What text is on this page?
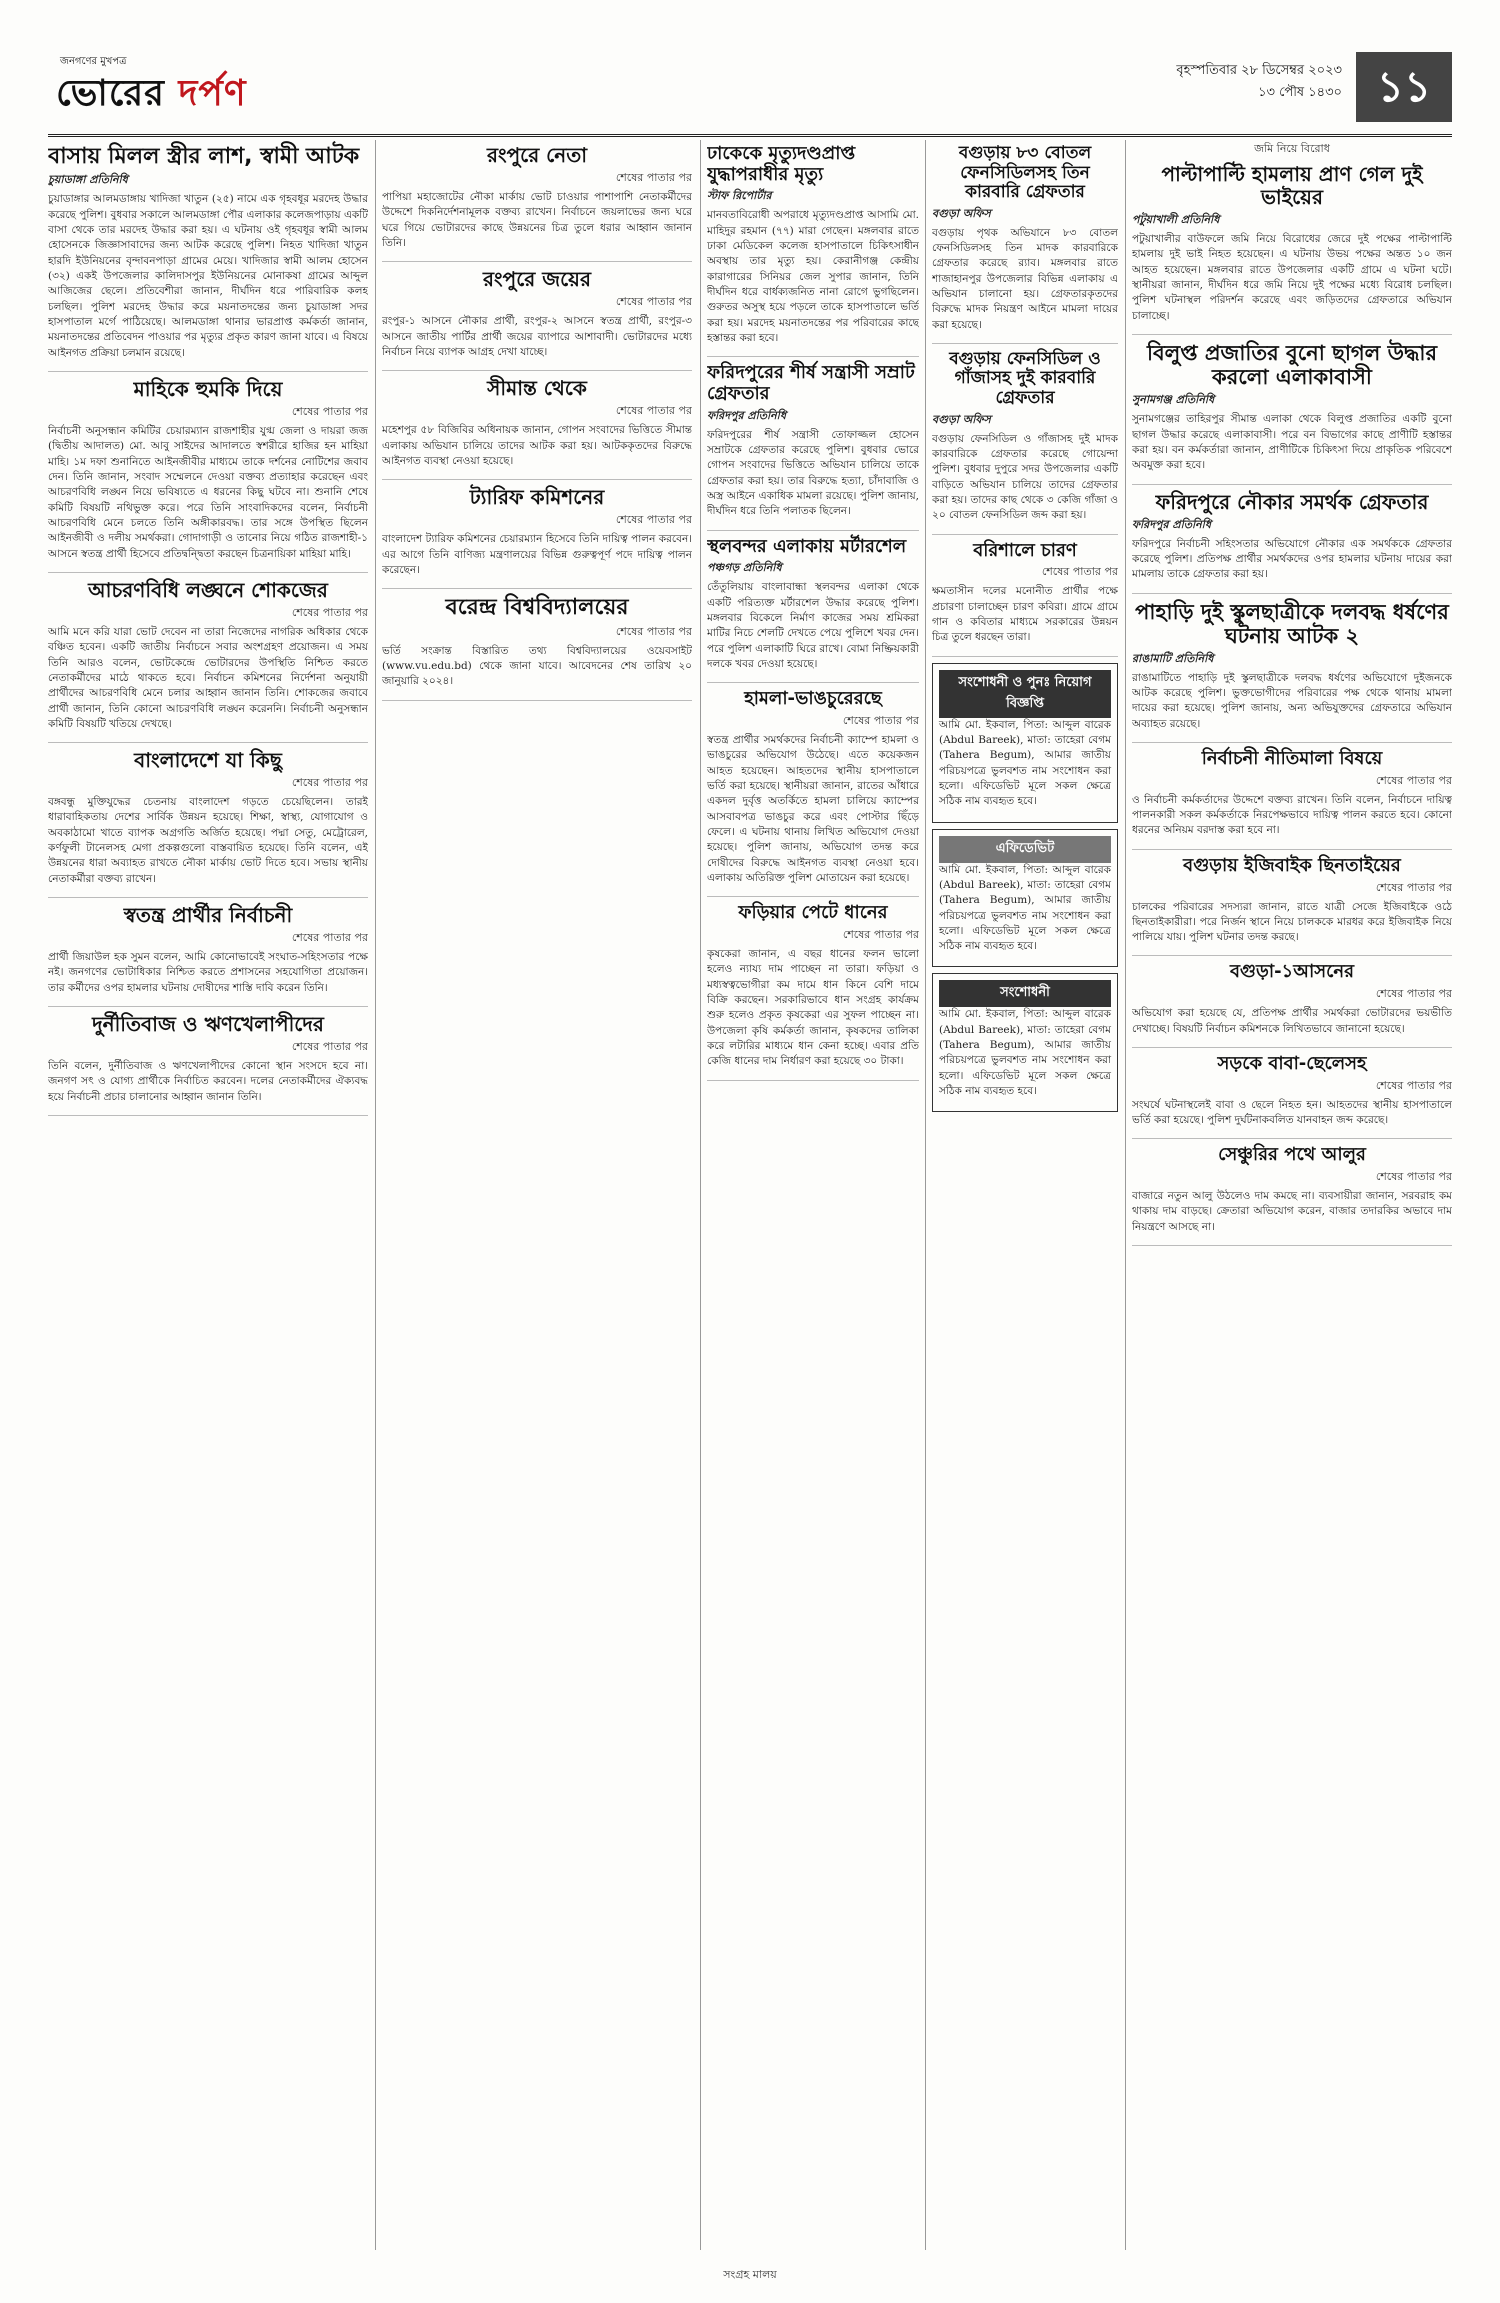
জনগণের মুখপত্র
ভোরের দর্পণ
বৃহস্পতিবার ২৮ ডিসেম্বর ২০২৩
১৩ পৌষ ১৪৩০ ১১
বাসায় মিলল স্ত্রীর লাশ, স্বামী আটক
চুয়াডাঙ্গা প্রতিনিধি

চুয়াডাঙ্গার আলমডাঙ্গায় খাদিজা খাতুন (২৫) নামে এক গৃহবধূর মরদেহ উদ্ধার করেছে পুলিশ। বুধবার সকালে আলমডাঙ্গা পৌর এলাকার কলেজপাড়ায় একটি বাসা থেকে তার মরদেহ উদ্ধার করা হয়। এ ঘটনায় ওই গৃহবধূর স্বামী আলম হোসেনকে জিজ্ঞাসাবাদের জন্য আটক করেছে পুলিশ। নিহত খাদিজা খাতুন হারদি ইউনিয়নের বৃন্দাবনপাড়া গ্রামের মেয়ে। খাদিজার স্বামী আলম হোসেন (৩২) একই উপজেলার কালিদাসপুর ইউনিয়নের মোনাকষা গ্রামের আব্দুল আজিজের ছেলে। প্রতিবেশীরা জানান, দীর্ঘদিন ধরে পারিবারিক কলহ চলছিল। পুলিশ মরদেহ উদ্ধার করে ময়নাতদন্তের জন্য চুয়াডাঙ্গা সদর হাসপাতাল মর্গে পাঠিয়েছে। আলমডাঙ্গা থানার ভারপ্রাপ্ত কর্মকর্তা জানান, ময়নাতদন্তের প্রতিবেদন পাওয়ার পর মৃত্যুর প্রকৃত কারণ জানা যাবে। এ বিষয়ে আইনগত প্রক্রিয়া চলমান রয়েছে।

মাহিকে হুমকি দিয়ে
শেষের পাতার পর

নির্বাচনী অনুসন্ধান কমিটির চেয়ারম্যান রাজশাহীর যুগ্ম জেলা ও দায়রা জজ (দ্বিতীয় আদালত) মো. আবু সাইদের আদালতে স্বশরীরে হাজির হন মাহিয়া মাহি। ১ম দফা শুনানিতে আইনজীবীর মাধ্যমে তাকে দর্শনের নোটিশের জবাব দেন। তিনি জানান, সংবাদ সম্মেলনে দেওয়া বক্তব্য প্রত্যাহার করেছেন এবং আচরণবিধি লঙ্ঘন নিয়ে ভবিষ্যতে এ ধরনের কিছু ঘটবে না। শুনানি শেষে কমিটি বিষয়টি নথিভুক্ত করে। পরে তিনি সাংবাদিকদের বলেন, নির্বাচনী আচরণবিধি মেনে চলতে তিনি অঙ্গীকারবদ্ধ। তার সঙ্গে উপস্থিত ছিলেন আইনজীবী ও দলীয় সমর্থকরা। গোদাগাড়ী ও তানোর নিয়ে গঠিত রাজশাহী-১ আসনে স্বতন্ত্র প্রার্থী হিসেবে প্রতিদ্বন্দ্বিতা করছেন চিত্রনায়িকা মাহিয়া মাহি।

আচরণবিধি লঙ্ঘনে শোকজের
শেষের পাতার পর

আমি মনে করি যারা ভোট দেবেন না তারা নিজেদের নাগরিক অধিকার থেকে বঞ্চিত হবেন। একটি জাতীয় নির্বাচনে সবার অংশগ্রহণ প্রয়োজন। এ সময় তিনি আরও বলেন, ভোটকেন্দ্রে ভোটারদের উপস্থিতি নিশ্চিত করতে নেতাকর্মীদের মাঠে থাকতে হবে। নির্বাচন কমিশনের নির্দেশনা অনুযায়ী প্রার্থীদের আচরণবিধি মেনে চলার আহ্বান জানান তিনি। শোকজের জবাবে প্রার্থী জানান, তিনি কোনো আচরণবিধি লঙ্ঘন করেননি। নির্বাচনী অনুসন্ধান কমিটি বিষয়টি খতিয়ে দেখছে।

বাংলাদেশে যা কিছু
শেষের পাতার পর

বঙ্গবন্ধু মুক্তিযুদ্ধের চেতনায় বাংলাদেশ গড়তে চেয়েছিলেন। তারই ধারাবাহিকতায় দেশের সার্বিক উন্নয়ন হয়েছে। শিক্ষা, স্বাস্থ্য, যোগাযোগ ও অবকাঠামো খাতে ব্যাপক অগ্রগতি অর্জিত হয়েছে। পদ্মা সেতু, মেট্রোরেল, কর্ণফুলী টানেলসহ মেগা প্রকল্পগুলো বাস্তবায়িত হয়েছে। তিনি বলেন, এই উন্নয়নের ধারা অব্যাহত রাখতে নৌকা মার্কায় ভোট দিতে হবে। সভায় স্থানীয় নেতাকর্মীরা বক্তব্য রাখেন।

স্বতন্ত্র প্রার্থীর নির্বাচনী
শেষের পাতার পর

প্রার্থী জিয়াউল হক সুমন বলেন, আমি কোনোভাবেই সংঘাত-সহিংসতার পক্ষে নই। জনগণের ভোটাধিকার নিশ্চিত করতে প্রশাসনের সহযোগিতা প্রয়োজন। তার কর্মীদের ওপর হামলার ঘটনায় দোষীদের শাস্তি দাবি করেন তিনি।

দুর্নীতিবাজ ও ঋণখেলাপীদের
শেষের পাতার পর

তিনি বলেন, দুর্নীতিবাজ ও ঋণখেলাপীদের কোনো স্থান সংসদে হবে না। জনগণ সৎ ও যোগ্য প্রার্থীকে নির্বাচিত করবেন। দলের নেতাকর্মীদের ঐক্যবদ্ধ হয়ে নির্বাচনী প্রচার চালানোর আহ্বান জানান তিনি।

রংপুরে নেতা
শেষের পাতার পর

পাপিয়া মহাজোটের নৌকা মার্কায় ভোট চাওয়ার পাশাপাশি নেতাকর্মীদের উদ্দেশে দিকনির্দেশনামূলক বক্তব্য রাখেন। নির্বাচনে জয়লাভের জন্য ঘরে ঘরে গিয়ে ভোটারদের কাছে উন্নয়নের চিত্র তুলে ধরার আহ্বান জানান তিনি।

রংপুরে জয়ের
শেষের পাতার পর

রংপুর-১ আসনে নৌকার প্রার্থী, রংপুর-২ আসনে স্বতন্ত্র প্রার্থী, রংপুর-৩ আসনে জাতীয় পার্টির প্রার্থী জয়ের ব্যাপারে আশাবাদী। ভোটারদের মধ্যে নির্বাচন নিয়ে ব্যাপক আগ্রহ দেখা যাচ্ছে।

সীমান্ত থেকে
শেষের পাতার পর

মহেশপুর ৫৮ বিজিবির অধিনায়ক জানান, গোপন সংবাদের ভিত্তিতে সীমান্ত এলাকায় অভিযান চালিয়ে তাদের আটক করা হয়। আটককৃতদের বিরুদ্ধে আইনগত ব্যবস্থা নেওয়া হয়েছে।

ট্যারিফ কমিশনের
শেষের পাতার পর

বাংলাদেশ ট্যারিফ কমিশনের চেয়ারম্যান হিসেবে তিনি দায়িত্ব পালন করবেন। এর আগে তিনি বাণিজ্য মন্ত্রণালয়ের বিভিন্ন গুরুত্বপূর্ণ পদে দায়িত্ব পালন করেছেন।

বরেন্দ্র বিশ্ববিদ্যালয়ের
শেষের পাতার পর

ভর্তি সংক্রান্ত বিস্তারিত তথ্য বিশ্ববিদ্যালয়ের ওয়েবসাইট (www.vu.edu.bd) থেকে জানা যাবে। আবেদনের শেষ তারিখ ২০ জানুয়ারি ২০২৪।

ঢাকেকে মৃত্যুদণ্ডপ্রাপ্ত যুদ্ধাপরাধীর মৃত্যু
স্টাফ রিপোর্টার

মানবতাবিরোধী অপরাধে মৃত্যুদণ্ডপ্রাপ্ত আসামি মো. মাহিদুর রহমান (৭৭) মারা গেছেন। মঙ্গলবার রাতে ঢাকা মেডিকেল কলেজ হাসপাতালে চিকিৎসাধীন অবস্থায় তার মৃত্যু হয়। কেরানীগঞ্জ কেন্দ্রীয় কারাগারের সিনিয়র জেল সুপার জানান, তিনি দীর্ঘদিন ধরে বার্ধক্যজনিত নানা রোগে ভুগছিলেন। গুরুতর অসুস্থ হয়ে পড়লে তাকে হাসপাতালে ভর্তি করা হয়। মরদেহ ময়নাতদন্তের পর পরিবারের কাছে হস্তান্তর করা হবে।

ফরিদপুরের শীর্ষ সন্ত্রাসী সম্রাট গ্রেফতার
ফরিদপুর প্রতিনিধি

ফরিদপুরের শীর্ষ সন্ত্রাসী তোফাজ্জল হোসেন সম্রাটকে গ্রেফতার করেছে পুলিশ। বুধবার ভোরে গোপন সংবাদের ভিত্তিতে অভিযান চালিয়ে তাকে গ্রেফতার করা হয়। তার বিরুদ্ধে হত্যা, চাঁদাবাজি ও অস্ত্র আইনে একাধিক মামলা রয়েছে। পুলিশ জানায়, দীর্ঘদিন ধরে তিনি পলাতক ছিলেন।

স্থলবন্দর এলাকায় মর্টারশেল
পঞ্চগড় প্রতিনিধি

তেঁতুলিয়ায় বাংলাবান্ধা স্থলবন্দর এলাকা থেকে একটি পরিত্যক্ত মর্টারশেল উদ্ধার করেছে পুলিশ। মঙ্গলবার বিকেলে নির্মাণ কাজের সময় শ্রমিকরা মাটির নিচে শেলটি দেখতে পেয়ে পুলিশে খবর দেন। পরে পুলিশ এলাকাটি ঘিরে রাখে। বোমা নিষ্ক্রিয়কারী দলকে খবর দেওয়া হয়েছে।

হামলা-ভাঙচুরেরছে
শেষের পাতার পর

স্বতন্ত্র প্রার্থীর সমর্থকদের নির্বাচনী ক্যাম্পে হামলা ও ভাঙচুরের অভিযোগ উঠেছে। এতে কয়েকজন আহত হয়েছেন। আহতদের স্থানীয় হাসপাতালে ভর্তি করা হয়েছে। স্থানীয়রা জানান, রাতের আঁধারে একদল দুর্বৃত্ত অতর্কিতে হামলা চালিয়ে ক্যাম্পের আসবাবপত্র ভাঙচুর করে এবং পোস্টার ছিঁড়ে ফেলে। এ ঘটনায় থানায় লিখিত অভিযোগ দেওয়া হয়েছে। পুলিশ জানায়, অভিযোগ তদন্ত করে দোষীদের বিরুদ্ধে আইনগত ব্যবস্থা নেওয়া হবে। এলাকায় অতিরিক্ত পুলিশ মোতায়েন করা হয়েছে।

ফড়িয়ার পেটে ধানের
শেষের পাতার পর

কৃষকেরা জানান, এ বছর ধানের ফলন ভালো হলেও ন্যায্য দাম পাচ্ছেন না তারা। ফড়িয়া ও মধ্যস্বত্বভোগীরা কম দামে ধান কিনে বেশি দামে বিক্রি করছেন। সরকারিভাবে ধান সংগ্রহ কার্যক্রম শুরু হলেও প্রকৃত কৃষকেরা এর সুফল পাচ্ছেন না। উপজেলা কৃষি কর্মকর্তা জানান, কৃষকদের তালিকা করে লটারির মাধ্যমে ধান কেনা হচ্ছে। এবার প্রতি কেজি ধানের দাম নির্ধারণ করা হয়েছে ৩০ টাকা।

বগুড়ায় ৮৩ বোতল ফেনসিডিলসহ তিন কারবারি গ্রেফতার
বগুড়া অফিস

বগুড়ায় পৃথক অভিযানে ৮৩ বোতল ফেনসিডিলসহ তিন মাদক কারবারিকে গ্রেফতার করেছে র‍্যাব। মঙ্গলবার রাতে শাজাহানপুর উপজেলার বিভিন্ন এলাকায় এ অভিযান চালানো হয়। গ্রেফতারকৃতদের বিরুদ্ধে মাদক নিয়ন্ত্রণ আইনে মামলা দায়ের করা হয়েছে।

বগুড়ায় ফেনসিডিল ও গাঁজাসহ দুই কারবারি গ্রেফতার
বগুড়া অফিস

বগুড়ায় ফেনসিডিল ও গাঁজাসহ দুই মাদক কারবারিকে গ্রেফতার করেছে গোয়েন্দা পুলিশ। বুধবার দুপুরে সদর উপজেলার একটি বাড়িতে অভিযান চালিয়ে তাদের গ্রেফতার করা হয়। তাদের কাছ থেকে ৩ কেজি গাঁজা ও ২০ বোতল ফেনসিডিল জব্দ করা হয়।

বরিশালে চারণ
শেষের পাতার পর

ক্ষমতাসীন দলের মনোনীত প্রার্থীর পক্ষে প্রচারণা চালাচ্ছেন চারণ কবিরা। গ্রামে গ্রামে গান ও কবিতার মাধ্যমে সরকারের উন্নয়ন চিত্র তুলে ধরছেন তারা।

সংশোধনী ও পুনঃ নিয়োগ বিজ্ঞপ্তি

আমি মো. ইকবাল, পিতা: আব্দুল বারেক (Abdul Bareek), মাতা: তাহেরা বেগম (Tahera Begum), আমার জাতীয় পরিচয়পত্রে ভুলবশত নাম সংশোধন করা হলো। এফিডেভিট মূলে সকল ক্ষেত্রে সঠিক নাম ব্যবহৃত হবে।

এফিডেভিট

আমি মো. ইকবাল, পিতা: আব্দুল বারেক (Abdul Bareek), মাতা: তাহেরা বেগম (Tahera Begum), আমার জাতীয় পরিচয়পত্রে ভুলবশত নাম সংশোধন করা হলো। এফিডেভিট মূলে সকল ক্ষেত্রে সঠিক নাম ব্যবহৃত হবে।

সংশোধনী

আমি মো. ইকবাল, পিতা: আব্দুল বারেক (Abdul Bareek), মাতা: তাহেরা বেগম (Tahera Begum), আমার জাতীয় পরিচয়পত্রে ভুলবশত নাম সংশোধন করা হলো। এফিডেভিট মূলে সকল ক্ষেত্রে সঠিক নাম ব্যবহৃত হবে।

জমি নিয়ে বিরোধ
পাল্টাপাল্টি হামলায় প্রাণ গেল দুই ভাইয়ের
পটুয়াখালী প্রতিনিধি

পটুয়াখালীর বাউফলে জমি নিয়ে বিরোধের জেরে দুই পক্ষের পাল্টাপাল্টি হামলায় দুই ভাই নিহত হয়েছেন। এ ঘটনায় উভয় পক্ষের অন্তত ১০ জন আহত হয়েছেন। মঙ্গলবার রাতে উপজেলার একটি গ্রামে এ ঘটনা ঘটে। স্থানীয়রা জানান, দীর্ঘদিন ধরে জমি নিয়ে দুই পক্ষের মধ্যে বিরোধ চলছিল। পুলিশ ঘটনাস্থল পরিদর্শন করেছে এবং জড়িতদের গ্রেফতারে অভিযান চালাচ্ছে।

বিলুপ্ত প্রজাতির বুনো ছাগল উদ্ধার করলো এলাকাবাসী
সুনামগঞ্জ প্রতিনিধি

সুনামগঞ্জের তাহিরপুর সীমান্ত এলাকা থেকে বিলুপ্ত প্রজাতির একটি বুনো ছাগল উদ্ধার করেছে এলাকাবাসী। পরে বন বিভাগের কাছে প্রাণীটি হস্তান্তর করা হয়। বন কর্মকর্তারা জানান, প্রাণীটিকে চিকিৎসা দিয়ে প্রাকৃতিক পরিবেশে অবমুক্ত করা হবে।

ফরিদপুরে নৌকার সমর্থক গ্রেফতার
ফরিদপুর প্রতিনিধি

ফরিদপুরে নির্বাচনী সহিংসতার অভিযোগে নৌকার এক সমর্থককে গ্রেফতার করেছে পুলিশ। প্রতিপক্ষ প্রার্থীর সমর্থকদের ওপর হামলার ঘটনায় দায়ের করা মামলায় তাকে গ্রেফতার করা হয়।

পাহাড়ি দুই স্কুলছাত্রীকে দলবদ্ধ ধর্ষণের ঘটনায় আটক ২
রাঙামাটি প্রতিনিধি

রাঙামাটিতে পাহাড়ি দুই স্কুলছাত্রীকে দলবদ্ধ ধর্ষণের অভিযোগে দুইজনকে আটক করেছে পুলিশ। ভুক্তভোগীদের পরিবারের পক্ষ থেকে থানায় মামলা দায়ের করা হয়েছে। পুলিশ জানায়, অন্য অভিযুক্তদের গ্রেফতারে অভিযান অব্যাহত রয়েছে।

নির্বাচনী নীতিমালা বিষয়ে
শেষের পাতার পর

ও নির্বাচনী কর্মকর্তাদের উদ্দেশে বক্তব্য রাখেন। তিনি বলেন, নির্বাচনে দায়িত্ব পালনকারী সকল কর্মকর্তাকে নিরপেক্ষভাবে দায়িত্ব পালন করতে হবে। কোনো ধরনের অনিয়ম বরদাস্ত করা হবে না।

বগুড়ায় ইজিবাইক ছিনতাইয়ের
শেষের পাতার পর

চালকের পরিবারের সদস্যরা জানান, রাতে যাত্রী সেজে ইজিবাইকে ওঠে ছিনতাইকারীরা। পরে নির্জন স্থানে নিয়ে চালককে মারধর করে ইজিবাইক নিয়ে পালিয়ে যায়। পুলিশ ঘটনার তদন্ত করছে।

বগুড়া-১আসনের
শেষের পাতার পর

অভিযোগ করা হয়েছে যে, প্রতিপক্ষ প্রার্থীর সমর্থকরা ভোটারদের ভয়ভীতি দেখাচ্ছে। বিষয়টি নির্বাচন কমিশনকে লিখিতভাবে জানানো হয়েছে।

সড়কে বাবা-ছেলেসহ
শেষের পাতার পর

সংঘর্ষে ঘটনাস্থলেই বাবা ও ছেলে নিহত হন। আহতদের স্থানীয় হাসপাতালে ভর্তি করা হয়েছে। পুলিশ দুর্ঘটনাকবলিত যানবাহন জব্দ করেছে।

সেঞ্চুরির পথে আলুর
শেষের পাতার পর

বাজারে নতুন আলু উঠলেও দাম কমছে না। ব্যবসায়ীরা জানান, সরবরাহ কম থাকায় দাম বাড়ছে। ক্রেতারা অভিযোগ করেন, বাজার তদারকির অভাবে দাম নিয়ন্ত্রণে আসছে না।

সংগ্রহ মালয়
